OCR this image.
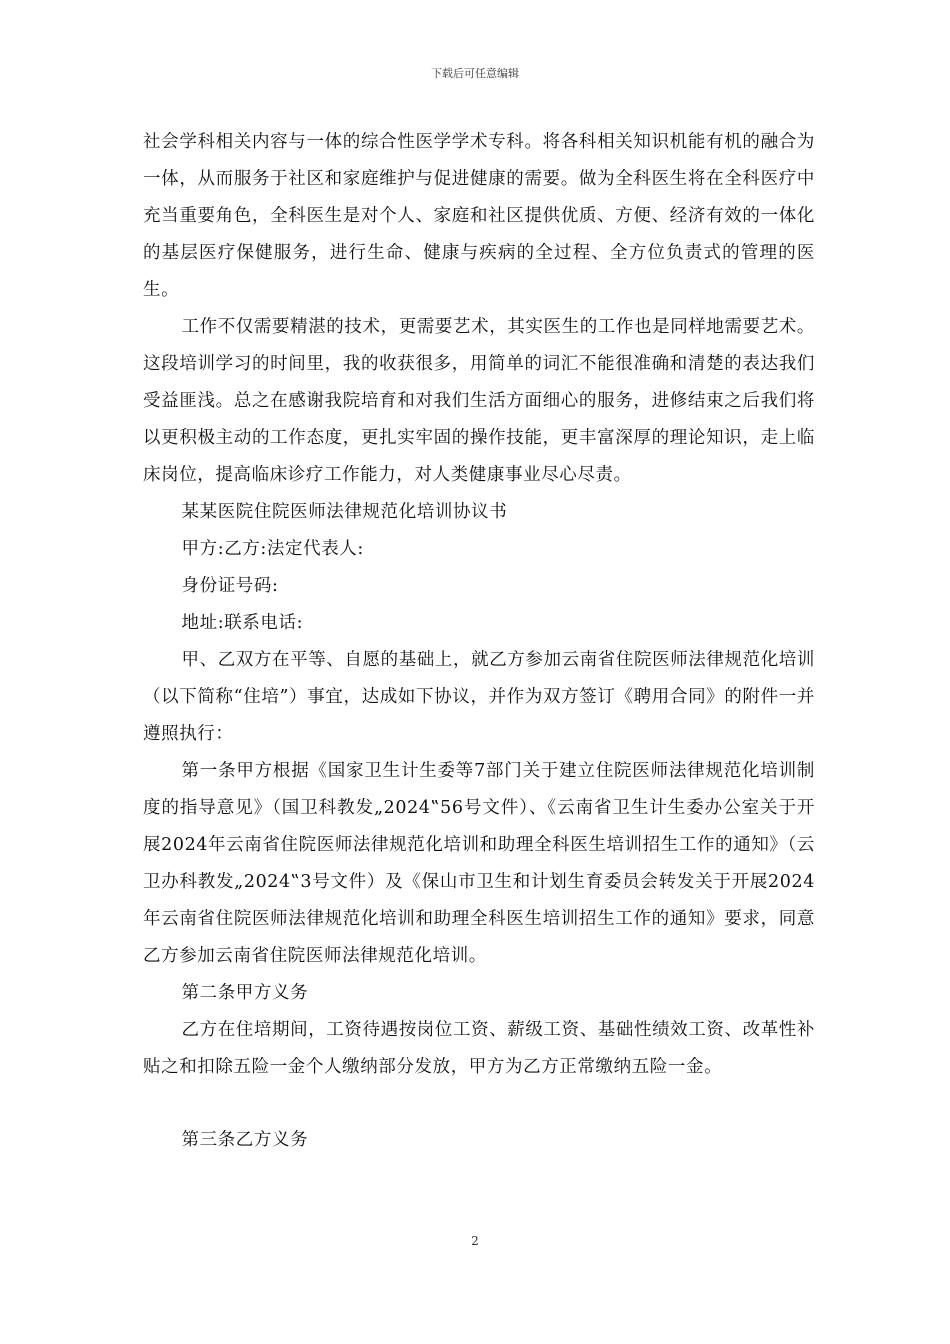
下载后可任意编辑

社会学科相关内容与一体的综合性医学学术专科。将各科相关知识机能有机的融合为一体，从而服务于社区和家庭维护与促进健康的需要。做为全科医生将在全科医疗中充当重要角色，全科医生是对个人、家庭和社区提供优质、方便、经济有效的一体化的基层医疗保健服务，进行生命、健康与疾病的全过程、全方位负责式的管理的医生。

工作不仅需要精湛的技术，更需要艺术，其实医生的工作也是同样地需要艺术。这段培训学习的时间里，我的收获很多，用简单的词汇不能很准确和清楚的表达我们受益匪浅。总之在感谢我院培育和对我们生活方面细心的服务，进修结束之后我们将以更积极主动的工作态度，更扎实牢固的操作技能，更丰富深厚的理论知识，走上临床岗位，提高临床诊疗工作能力，对人类健康事业尽心尽责。

某某医院住院医师法律规范化培训协议书

甲方:乙方:法定代表人:

身份证号码:

地址:联系电话:

甲、乙双方在平等、自愿的基础上，就乙方参加云南省住院医师法律规范化培训（以下简称“住培”）事宜，达成如下协议，并作为双方签订《聘用合同》的附件一并遵照执行：

第一条甲方根据《国家卫生计生委等7部门关于建立住院医师法律规范化培训制度的指导意见》（国卫科教发„2024‟56号文件）、《云南省卫生计生委办公室关于开展2024年云南省住院医师法律规范化培训和助理全科医生培训招生工作的通知》（云卫办科教发„2024‟3号文件）及《保山市卫生和计划生育委员会转发关于开展2024年云南省住院医师法律规范化培训和助理全科医生培训招生工作的通知》要求，同意乙方参加云南省住院医师法律规范化培训。

第二条甲方义务

乙方在住培期间，工资待遇按岗位工资、薪级工资、基础性绩效工资、改革性补贴之和扣除五险一金个人缴纳部分发放，甲方为乙方正常缴纳五险一金。

第三条乙方义务

2
